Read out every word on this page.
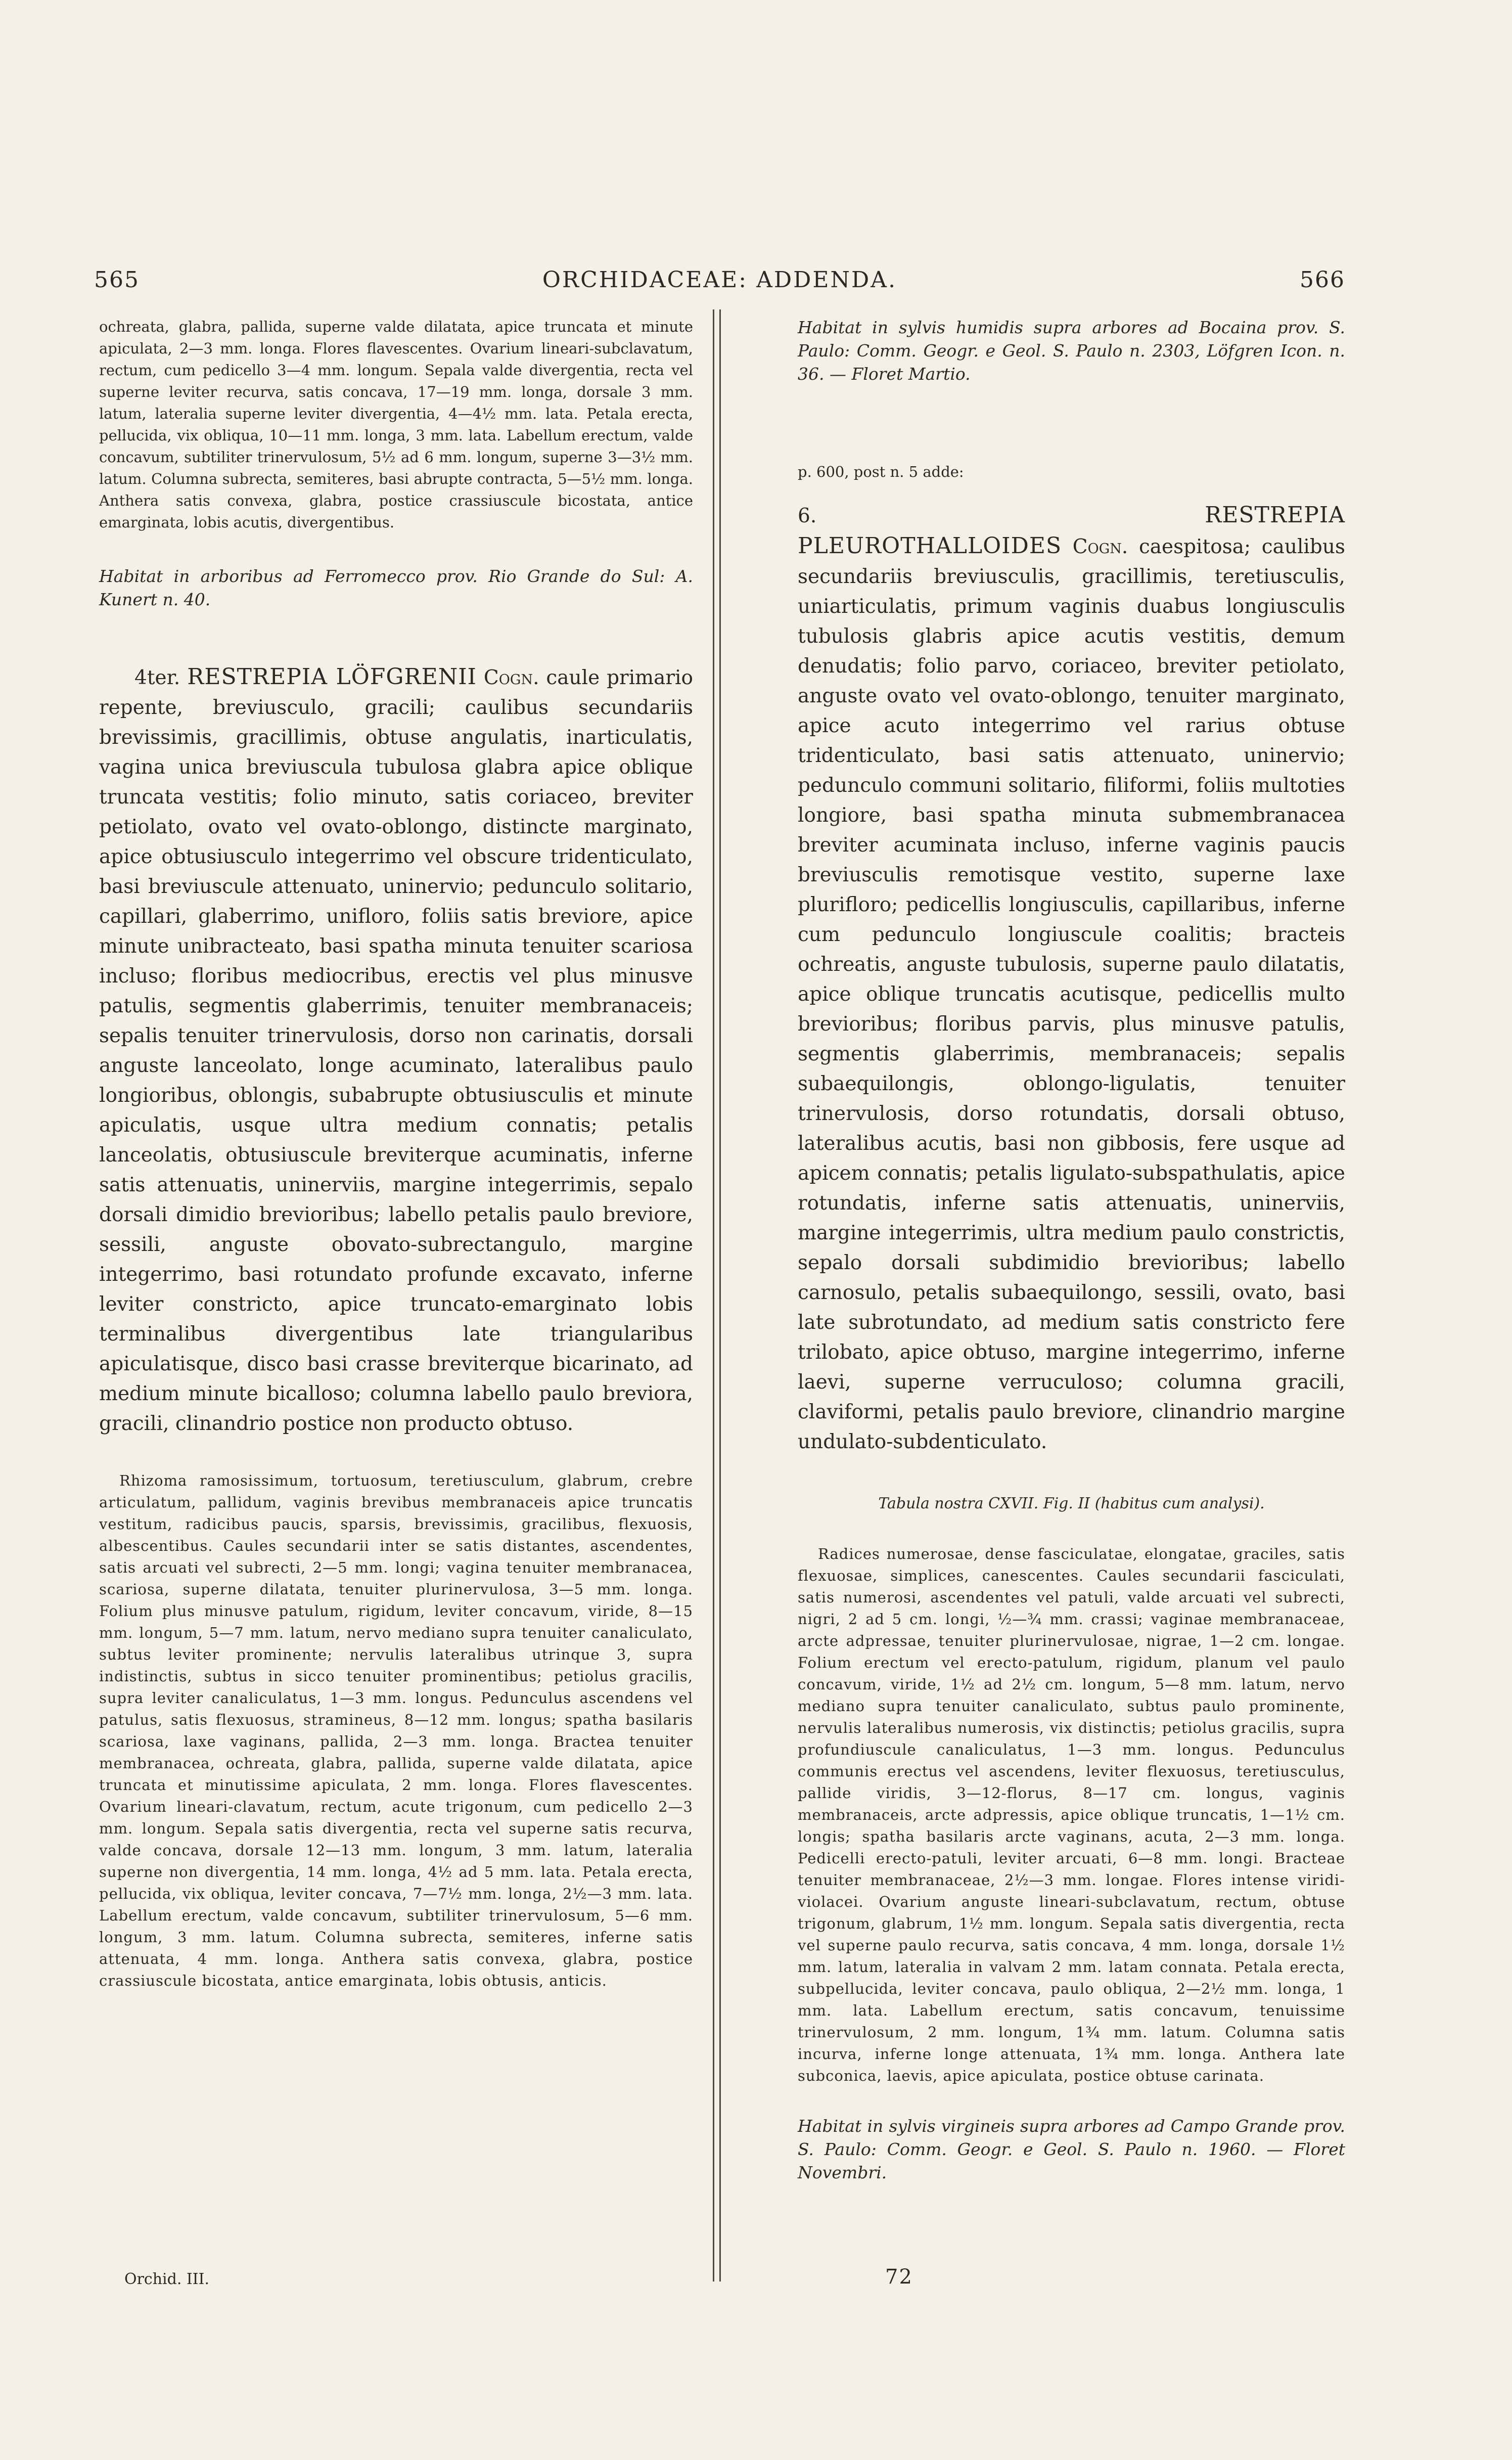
565	ORCHIDACEAE: ADDENDA.	566

ochreata, glabra, pallida, superne valde dilatata, apice truncata et minute apiculata, 2—3 mm. longa. Flores flavescentes. Ovarium lineari-subclavatum, rectum, cum pedicello 3—4 mm. longum. Sepala valde divergentia, recta vel superne leviter recurva, satis concava, 17—19 mm. longa, dorsale 3 mm. latum, lateralia superne leviter divergentia, 4—4½ mm. lata. Petala erecta, pellucida, vix obliqua, 10—11 mm. longa, 3 mm. lata. Labellum erectum, valde concavum, subtiliter trinervulosum, 5½ ad 6 mm. longum, superne 3—3½ mm. latum. Columna subrecta, semiteres, basi abrupte contracta, 5—5½ mm. longa. Anthera satis convexa, glabra, postice crassiuscule bicostata, antice emarginata, lobis acutis, divergentibus.

Habitat in arboribus ad Ferromecco prov. Rio Grande do Sul: A. Kunert n. 40.

4ter. RESTREPIA LÖFGRENII Cogn. caule primario repente, breviusculo, gracili; caulibus secundariis brevissimis, gracillimis, obtuse angulatis, inarticulatis, vagina unica breviuscula tubulosa glabra apice oblique truncata vestitis; folio minuto, satis coriaceo, breviter petiolato, ovato vel ovato-oblongo, distincte marginato, apice obtusiusculo integerrimo vel obscure tridenticulato, basi breviuscule attenuato, uninervio; pedunculo solitario, capillari, glaberrimo, unifloro, foliis satis breviore, apice minute unibracteato, basi spatha minuta tenuiter scariosa incluso; floribus mediocribus, erectis vel plus minusve patulis, segmentis glaberrimis, tenuiter membranaceis; sepalis tenuiter trinervulosis, dorso non carinatis, dorsali anguste lanceolato, longe acuminato, lateralibus paulo longioribus, oblongis, subabrupte obtusiusculis et minute apiculatis, usque ultra medium connatis; petalis lanceolatis, obtusiuscule breviterque acuminatis, inferne satis attenuatis, uninerviis, margine integerrimis, sepalo dorsali dimidio brevioribus; labello petalis paulo breviore, sessili, anguste obovato-subrectangulo, margine integerrimo, basi rotundato profunde excavato, inferne leviter constricto, apice truncato-emarginato lobis terminalibus divergentibus late triangularibus apiculatisque, disco basi crasse breviterque bicarinato, ad medium minute bicalloso; columna labello paulo breviora, gracili, clinandrio postice non producto obtuso.

Rhizoma ramosissimum, tortuosum, teretiusculum, glabrum, crebre articulatum, pallidum, vaginis brevibus membranaceis apice truncatis vestitum, radicibus paucis, sparsis, brevissimis, gracilibus, flexuosis, albescentibus. Caules secundarii inter se satis distantes, ascendentes, satis arcuati vel subrecti, 2—5 mm. longi; vagina tenuiter membranacea, scariosa, superne dilatata, tenuiter plurinervulosa, 3—5 mm. longa. Folium plus minusve patulum, rigidum, leviter concavum, viride, 8—15 mm. longum, 5—7 mm. latum, nervo mediano supra tenuiter canaliculato, subtus leviter prominente; nervulis lateralibus utrinque 3, supra indistinctis, subtus in sicco tenuiter prominentibus; petiolus gracilis, supra leviter canaliculatus, 1—3 mm. longus. Pedunculus ascendens vel patulus, satis flexuosus, stramineus, 8—12 mm. longus; spatha basilaris scariosa, laxe vaginans, pallida, 2—3 mm. longa. Bractea tenuiter membranacea, ochreata, glabra, pallida, superne valde dilatata, apice truncata et minutissime apiculata, 2 mm. longa. Flores flavescentes. Ovarium lineari-clavatum, rectum, acute trigonum, cum pedicello 2—3 mm. longum. Sepala satis divergentia, recta vel superne satis recurva, valde concava, dorsale 12—13 mm. longum, 3 mm. latum, lateralia superne non divergentia, 14 mm. longa, 4½ ad 5 mm. lata. Petala erecta, pellucida, vix obliqua, leviter concava, 7—7½ mm. longa, 2½—3 mm. lata. Labellum erectum, valde concavum, subtiliter trinervulosum, 5—6 mm. longum, 3 mm. latum. Columna subrecta, semiteres, inferne satis attenuata, 4 mm. longa. Anthera satis convexa, glabra, postice crassiuscule bicostata, antice emarginata, lobis obtusis, anticis.

Orchid. III.

Habitat in sylvis humidis supra arbores ad Bocaina prov. S. Paulo: Comm. Geogr. e Geol. S. Paulo n. 2303, Löfgren Icon. n. 36. — Floret Martio.

p. 600, post n. 5 adde:

6.	RESTREPIA PLEUROTHALLOIDES Cogn. caespitosa; caulibus secundariis breviusculis, gracillimis, teretiusculis, uniarticulatis, primum vaginis duabus longiusculis tubulosis glabris apice acutis vestitis, demum denudatis; folio parvo, coriaceo, breviter petiolato, anguste ovato vel ovato-oblongo, tenuiter marginato, apice acuto integerrimo vel rarius obtuse tridenticulato, basi satis attenuato, uninervio; pedunculo communi solitario, filiformi, foliis multoties longiore, basi spatha minuta submembranacea breviter acuminata incluso, inferne vaginis paucis breviusculis remotisque vestito, superne laxe plurifloro; pedicellis longiusculis, capillaribus, inferne cum pedunculo longiuscule coalitis; bracteis ochreatis, anguste tubulosis, superne paulo dilatatis, apice oblique truncatis acutisque, pedicellis multo brevioribus; floribus parvis, plus minusve patulis, segmentis glaberrimis, membranaceis; sepalis subaequilongis, oblongo-ligulatis, tenuiter trinervulosis, dorso rotundatis, dorsali obtuso, lateralibus acutis, basi non gibbosis, fere usque ad apicem connatis; petalis ligulato-subspathulatis, apice rotundatis, inferne satis attenuatis, uninerviis, margine integerrimis, ultra medium paulo constrictis, sepalo dorsali subdimidio brevioribus; labello carnosulo, petalis subaequilongo, sessili, ovato, basi late subrotundato, ad medium satis constricto fere trilobato, apice obtuso, margine integerrimo, inferne laevi, superne verruculoso; columna gracili, claviformi, petalis paulo breviore, clinandrio margine undulato-subdenticulato.

Tabula nostra CXVII. Fig. II (habitus cum analysi).

Radices numerosae, dense fasciculatae, elongatae, graciles, satis flexuosae, simplices, canescentes. Caules secundarii fasciculati, satis numerosi, ascendentes vel patuli, valde arcuati vel subrecti, nigri, 2 ad 5 cm. longi, ½—¾ mm. crassi; vaginae membranaceae, arcte adpressae, tenuiter plurinervulosae, nigrae, 1—2 cm. longae. Folium erectum vel erecto-patulum, rigidum, planum vel paulo concavum, viride, 1½ ad 2½ cm. longum, 5—8 mm. latum, nervo mediano supra tenuiter canaliculato, subtus paulo prominente, nervulis lateralibus numerosis, vix distinctis; petiolus gracilis, supra profundiuscule canaliculatus, 1—3 mm. longus. Pedunculus communis erectus vel ascendens, leviter flexuosus, teretiusculus, pallide viridis, 3—12-florus, 8—17 cm. longus, vaginis membranaceis, arcte adpressis, apice oblique truncatis, 1—1½ cm. longis; spatha basilaris arcte vaginans, acuta, 2—3 mm. longa. Pedicelli erecto-patuli, leviter arcuati, 6—8 mm. longi. Bracteae tenuiter membranaceae, 2½—3 mm. longae. Flores intense viridi-violacei. Ovarium anguste lineari-subclavatum, rectum, obtuse trigonum, glabrum, 1½ mm. longum. Sepala satis divergentia, recta vel superne paulo recurva, satis concava, 4 mm. longa, dorsale 1½ mm. latum, lateralia in valvam 2 mm. latam connata. Petala erecta, subpellucida, leviter concava, paulo obliqua, 2—2½ mm. longa, 1 mm. lata. Labellum erectum, satis concavum, tenuissime trinervulosum, 2 mm. longum, 1¾ mm. latum. Columna satis incurva, inferne longe attenuata, 1¾ mm. longa. Anthera late subconica, laevis, apice apiculata, postice obtuse carinata.

Habitat in sylvis virgineis supra arbores ad Campo Grande prov. S. Paulo: Comm. Geogr. e Geol. S. Paulo n. 1960. — Floret Novembri.

72
